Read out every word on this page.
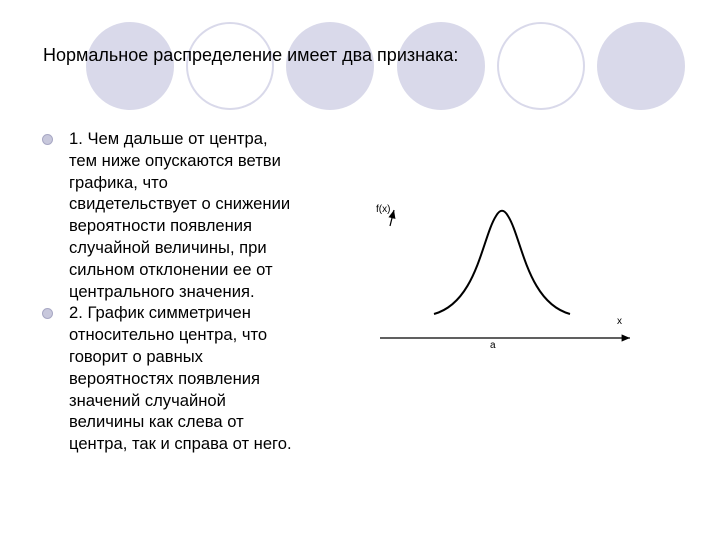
Нормальное распределение имеет два признака:
1. Чем дальше от центра,
тем ниже опускаются ветви
графика, что
свидетельствует о снижении
вероятности появления
случайной величины, при
сильном отклонении ее от
центрального значения.
2. График симметричен
относительно центра, что
говорит о равных
вероятностях появления
значений случайной
величины как слева от
центра, так и справа от него.
f(x)
x
a
